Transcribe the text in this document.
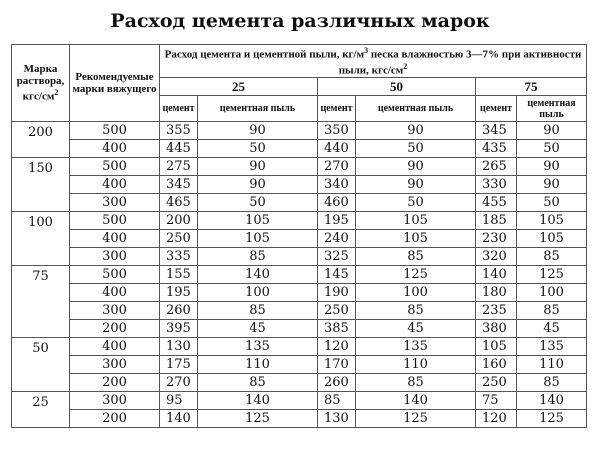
Расход цемента различных марок
Марка раствора, кгс/$см^2$	Рекомендуемые марки вяжущего	Расход цемента и цементной пыли, $кг/м^3$ песка влажностью 3—7% при активности пыли, кгс/$см^2$
		25		50		75	
		цемент	цементная пыль	цемент	цементная пыль	цемент	цементная пыль
200	500	355	90	350	90	345	90
	400	445	50	440	50	435	50
150	500	275	90	270	90	265	90
	400	345	90	340	90	330	90
	300	465	50	460	50	455	50
100	500	200	105	195	105	185	105
	400	250	105	240	105	230	105
	300	335	85	325	85	320	85
75	500	155	140	145	125	140	125
	400	195	100	190	100	180	100
	300	260	85	250	85	235	85
	200	395	45	385	45	380	45
50	400	130	135	120	135	105	135
	300	175	110	170	110	160	110
	200	270	85	260	85	250	85
25	300	95	140	85	140	75	140
	200	140	125	130	125	120	125
